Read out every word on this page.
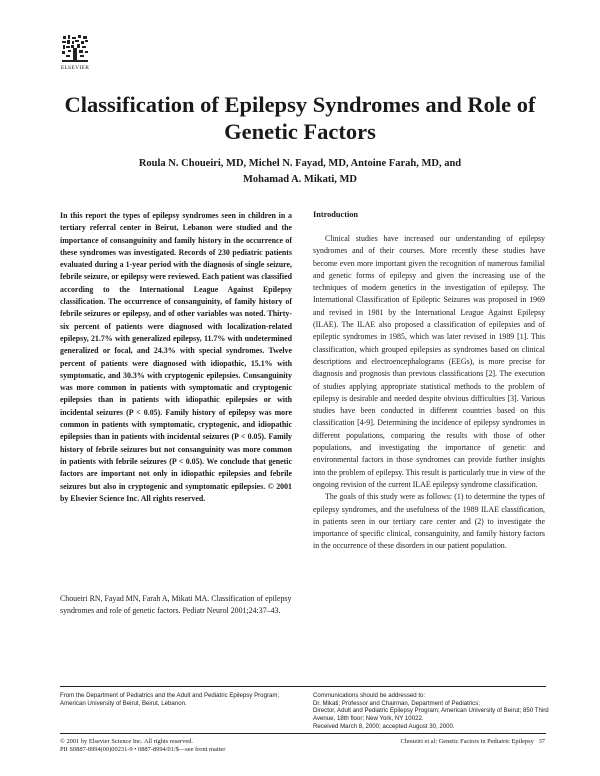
ELSEVIER
Classification of Epilepsy Syndromes and Role of Genetic Factors
Roula N. Choueiri, MD, Michel N. Fayad, MD, Antoine Farah, MD, and
Mohamad A. Mikati, MD

In this report the types of epilepsy syndromes seen in children in a tertiary referral center in Beirut, Lebanon were studied and the importance of consanguinity and family history in the occurrence of these syndromes was investigated. Records of 230 pediatric patients evaluated during a 1-year period with the diagnosis of single seizure, febrile seizure, or epilepsy were reviewed. Each patient was classified according to the International League Against Epilepsy classification. The occurrence of consanguinity, of family history of febrile seizures or epilepsy, and of other variables was noted. Thirty-six percent of patients were diagnosed with localization-related epilepsy, 21.7% with generalized epilepsy, 11.7% with undetermined generalized or focal, and 24.3% with special syndromes. Twelve percent of patients were diagnosed with idiopathic, 15.1% with symptomatic, and 30.3% with cryptogenic epilepsies. Consanguinity was more common in patients with symptomatic and cryptogenic epilepsies than in patients with idiopathic epilepsies or with incidental seizures (P < 0.05). Family history of epilepsy was more common in patients with symptomatic, cryptogenic, and idiopathic epilepsies than in patients with incidental seizures (P < 0.05). Family history of febrile seizures but not consanguinity was more common in patients with febrile seizures (P < 0.05). We conclude that genetic factors are important not only in idiopathic epilepsies and febrile seizures but also in cryptogenic and symptomatic epilepsies. © 2001 by Elsevier Science Inc. All rights reserved.

Choueiri RN, Fayad MN, Farah A, Mikati MA. Classification of epilepsy syndromes and role of genetic factors. Pediatr Neurol 2001;24:37–43.

Introduction

Clinical studies have increased our understanding of epilepsy syndromes and of their courses. More recently these studies have become even more important given the recognition of numerous familial and genetic forms of epilepsy and given the increasing use of the techniques of modern genetics in the investigation of epilepsy. The International Classification of Epileptic Seizures was proposed in 1969 and revised in 1981 by the International League Against Epilepsy (ILAE). The ILAE also proposed a classification of epilepsies and of epileptic syndromes in 1985, which was later revised in 1989 [1]. This classification, which grouped epilepsies as syndromes based on clinical descriptions and electroencephalograms (EEGs), is more precise for diagnosis and prognosis than previous classifications [2]. The execution of studies applying appropriate statistical methods to the problem of epilepsy is desirable and needed despite obvious difficulties [3]. Various studies have been conducted in different countries based on this classification [4-9]. Determining the incidence of epilepsy syndromes in different populations, comparing the results with those of other populations, and investigating the importance of genetic and environmental factors in those syndromes can provide further insights into the problem of epilepsy. This result is particularly true in view of the ongoing revision of the current ILAE epilepsy syndrome classification.

The goals of this study were as follows: (1) to determine the types of epilepsy syndromes, and the usefulness of the 1989 ILAE classification, in patients seen in our tertiary care center and (2) to investigate the importance of specific clinical, consanguinity, and family history factors in the occurrence of these disorders in our patient population.

From the Department of Pediatrics and the Adult and Pediatric Epilepsy Program; American University of Beirut, Beirut, Lebanon.

Communications should be addressed to:
Dr. Mikati; Professor and Chairman, Department of Pediatrics;
Director, Adult and Pediatric Epilepsy Program; American University of Beirut; 850 Third Avenue, 18th floor; New York, NY 10022.
Received March 8, 2000; accepted August 30, 2000.
© 2001 by Elsevier Science Inc. All rights reserved.
PII S0887-8994(00)00231-9 • 0887-8994/01/$—see front matter
Choueiri et al: Genetic Factors in Pediatric Epilepsy 37
